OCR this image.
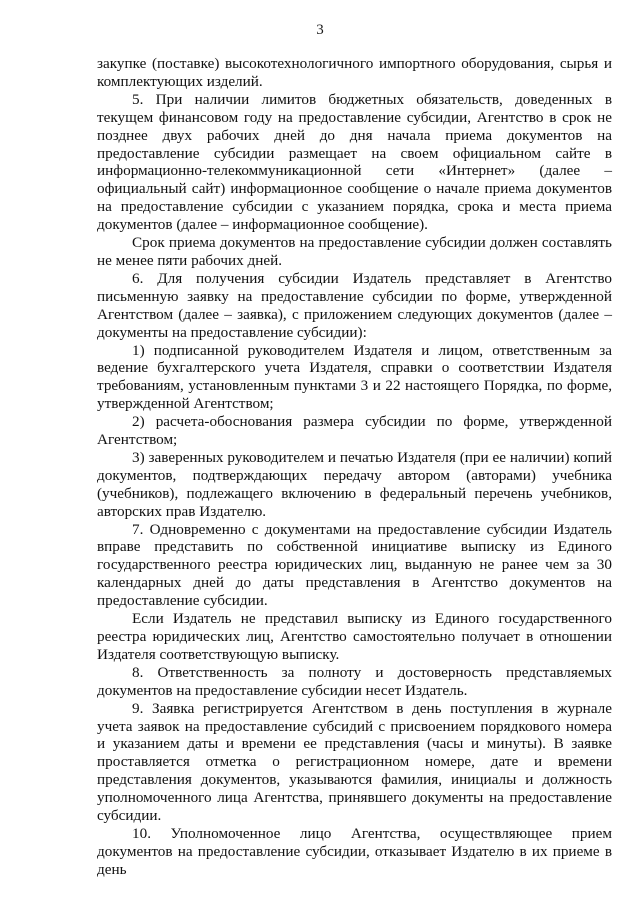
3

закупке (поставке) высокотехнологичного импортного оборудования, сырья и комплектующих изделий.

5. При наличии лимитов бюджетных обязательств, доведенных в текущем финансовом году на предоставление субсидии, Агентство в срок не позднее двух рабочих дней до дня начала приема документов на предоставление субсидии размещает на своем официальном сайте в информационно-телекоммуникационной сети «Интернет» (далее – официальный сайт) информационное сообщение о начале приема документов на предоставление субсидии с указанием порядка, срока и места приема документов (далее – информационное сообщение).

Срок приема документов на предоставление субсидии должен составлять не менее пяти рабочих дней.

6. Для получения субсидии Издатель представляет в Агентство письменную заявку на предоставление субсидии по форме, утвержденной Агентством (далее – заявка), с приложением следующих документов (далее – документы на предоставление субсидии):

1) подписанной руководителем Издателя и лицом, ответственным за ведение бухгалтерского учета Издателя, справки о соответствии Издателя требованиям, установленным пунктами 3 и 22 настоящего Порядка, по форме, утвержденной Агентством;

2) расчета-обоснования размера субсидии по форме, утвержденной Агентством;

3) заверенных руководителем и печатью Издателя (при ее наличии) копий документов, подтверждающих передачу автором (авторами) учебника (учебников), подлежащего включению в федеральный перечень учебников, авторских прав Издателю.

7. Одновременно с документами на предоставление субсидии Издатель вправе представить по собственной инициативе выписку из Единого государственного реестра юридических лиц, выданную не ранее чем за 30 календарных дней до даты представления в Агентство документов на предоставление субсидии.

Если Издатель не представил выписку из Единого государственного реестра юридических лиц, Агентство самостоятельно получает в отношении Издателя соответствующую выписку.

8. Ответственность за полноту и достоверность представляемых документов на предоставление субсидии несет Издатель.

9. Заявка регистрируется Агентством в день поступления в журнале учета заявок на предоставление субсидий с присвоением порядкового номера и указанием даты и времени ее представления (часы и минуты). В заявке проставляется отметка о регистрационном номере, дате и времени представления документов, указываются фамилия, инициалы и должность уполномоченного лица Агентства, принявшего документы на предоставление субсидии.

10. Уполномоченное лицо Агентства, осуществляющее прием документов на предоставление субсидии, отказывает Издателю в их приеме в день
